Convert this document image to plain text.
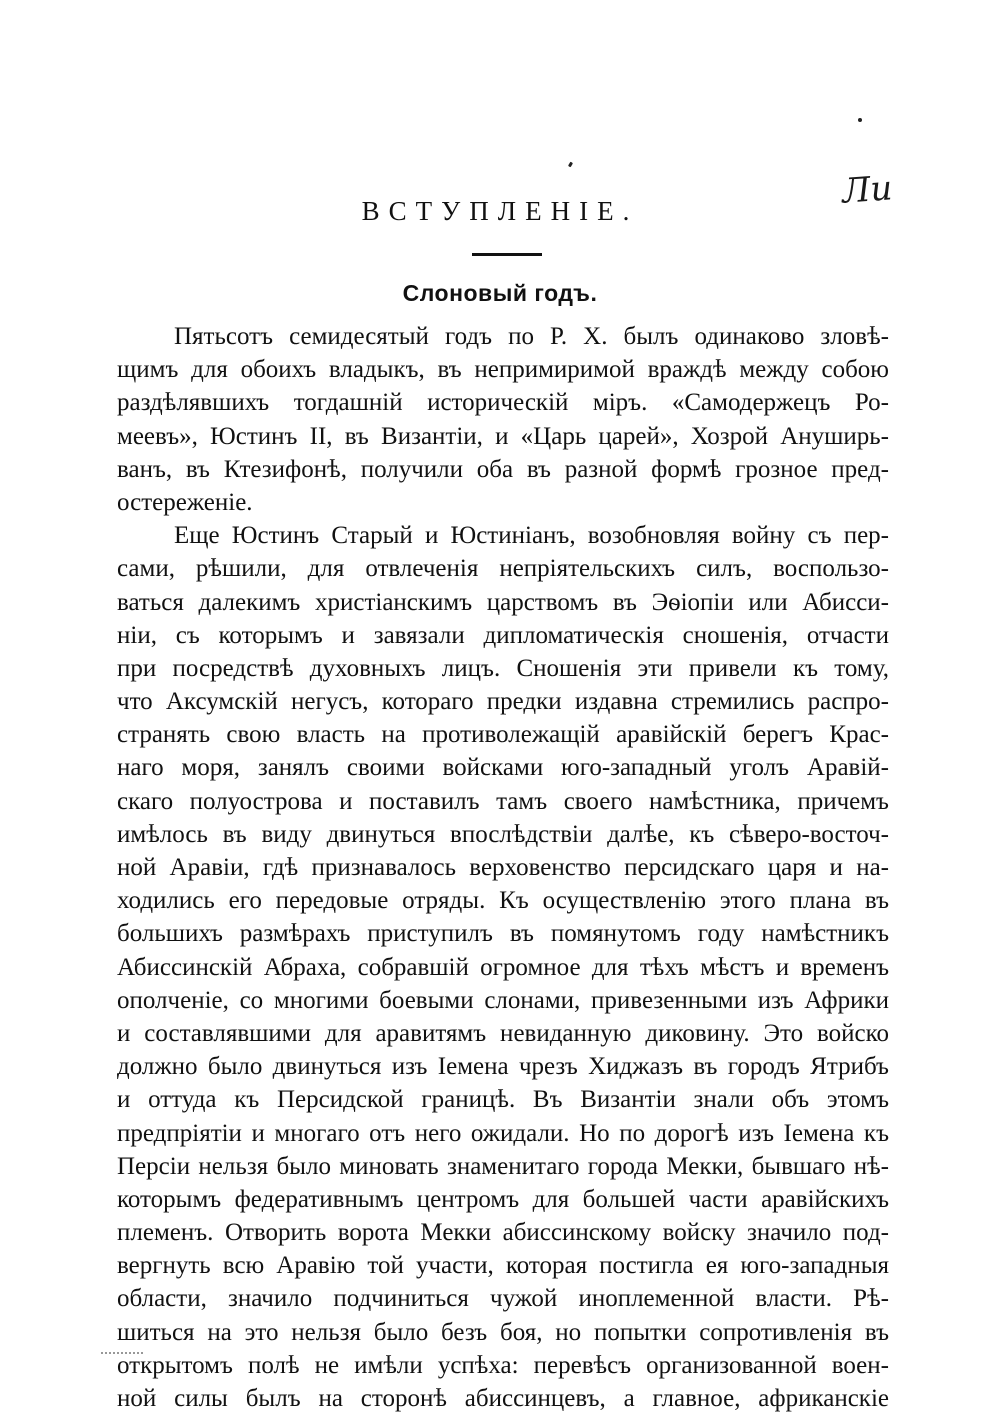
Ли
ВСТУПЛЕНІЕ.
Слоновый годъ.
Пятьсотъ семидесятый годъ по Р. Х. былъ одинаково зловѣ-
щимъ для обоихъ владыкъ, въ непримиримой враждѣ между собою
раздѣлявшихъ тогдашній историческій міръ. «Самодержецъ Ро-
меевъ», Юстинъ II, въ Византіи, и «Царь царей», Хозрой Ануширь-
ванъ, въ Ктезифонѣ, получили оба въ разной формѣ грозное пред-
остереженіе.
Еще Юстинъ Старый и Юстиніанъ, возобновляя войну съ пер-
сами, рѣшили, для отвлеченія непріятельскихъ силъ, воспользо-
ваться далекимъ христіанскимъ царствомъ въ Эѳіопіи или Абисси-
ніи, съ которымъ и завязали дипломатическія сношенія, отчасти
при посредствѣ духовныхъ лицъ. Сношенія эти привели къ тому,
что Аксумскій негусъ, котораго предки издавна стремились распро-
странять свою власть на противолежащій аравійскій берегъ Крас-
наго моря, занялъ своими войсками юго-западный уголъ Аравій-
скаго полуострова и поставилъ тамъ своего намѣстника, причемъ
имѣлось въ виду двинуться впослѣдствіи далѣе, къ сѣверо-восточ-
ной Аравіи, гдѣ признавалось верховенство персидскаго царя и на-
ходились его передовые отряды. Къ осуществленію этого плана въ
большихъ размѣрахъ приступилъ въ помянутомъ году намѣстникъ
Абиссинскій Абраха, собравшій огромное для тѣхъ мѣстъ и временъ
ополченіе, со многими боевыми слонами, привезенными изъ Африки
и составлявшими для аравитямъ невиданную диковину. Это войско
должно было двинуться изъ Іемена чрезъ Хиджазъ въ городъ Ятрибъ
и оттуда къ Персидской границѣ. Въ Византіи знали объ этомъ
предпріятіи и многаго отъ него ожидали. Но по дорогѣ изъ Іемена къ
Персіи нельзя было миновать знаменитаго города Мекки, бывшаго нѣ-
которымъ федеративнымъ центромъ для большей части аравійскихъ
племенъ. Отворить ворота Мекки абиссинскому войску значило под-
вергнуть всю Аравію той участи, которая постигла ея юго-западныя
области, значило подчиниться чужой иноплеменной власти. Рѣ-
шиться на это нельзя было безъ боя, но попытки сопротивленія въ
открытомъ полѣ не имѣли успѣха: перевѣсъ организованной воен-
ной силы былъ на сторонѣ абиссинцевъ, а главное, африканскіе
